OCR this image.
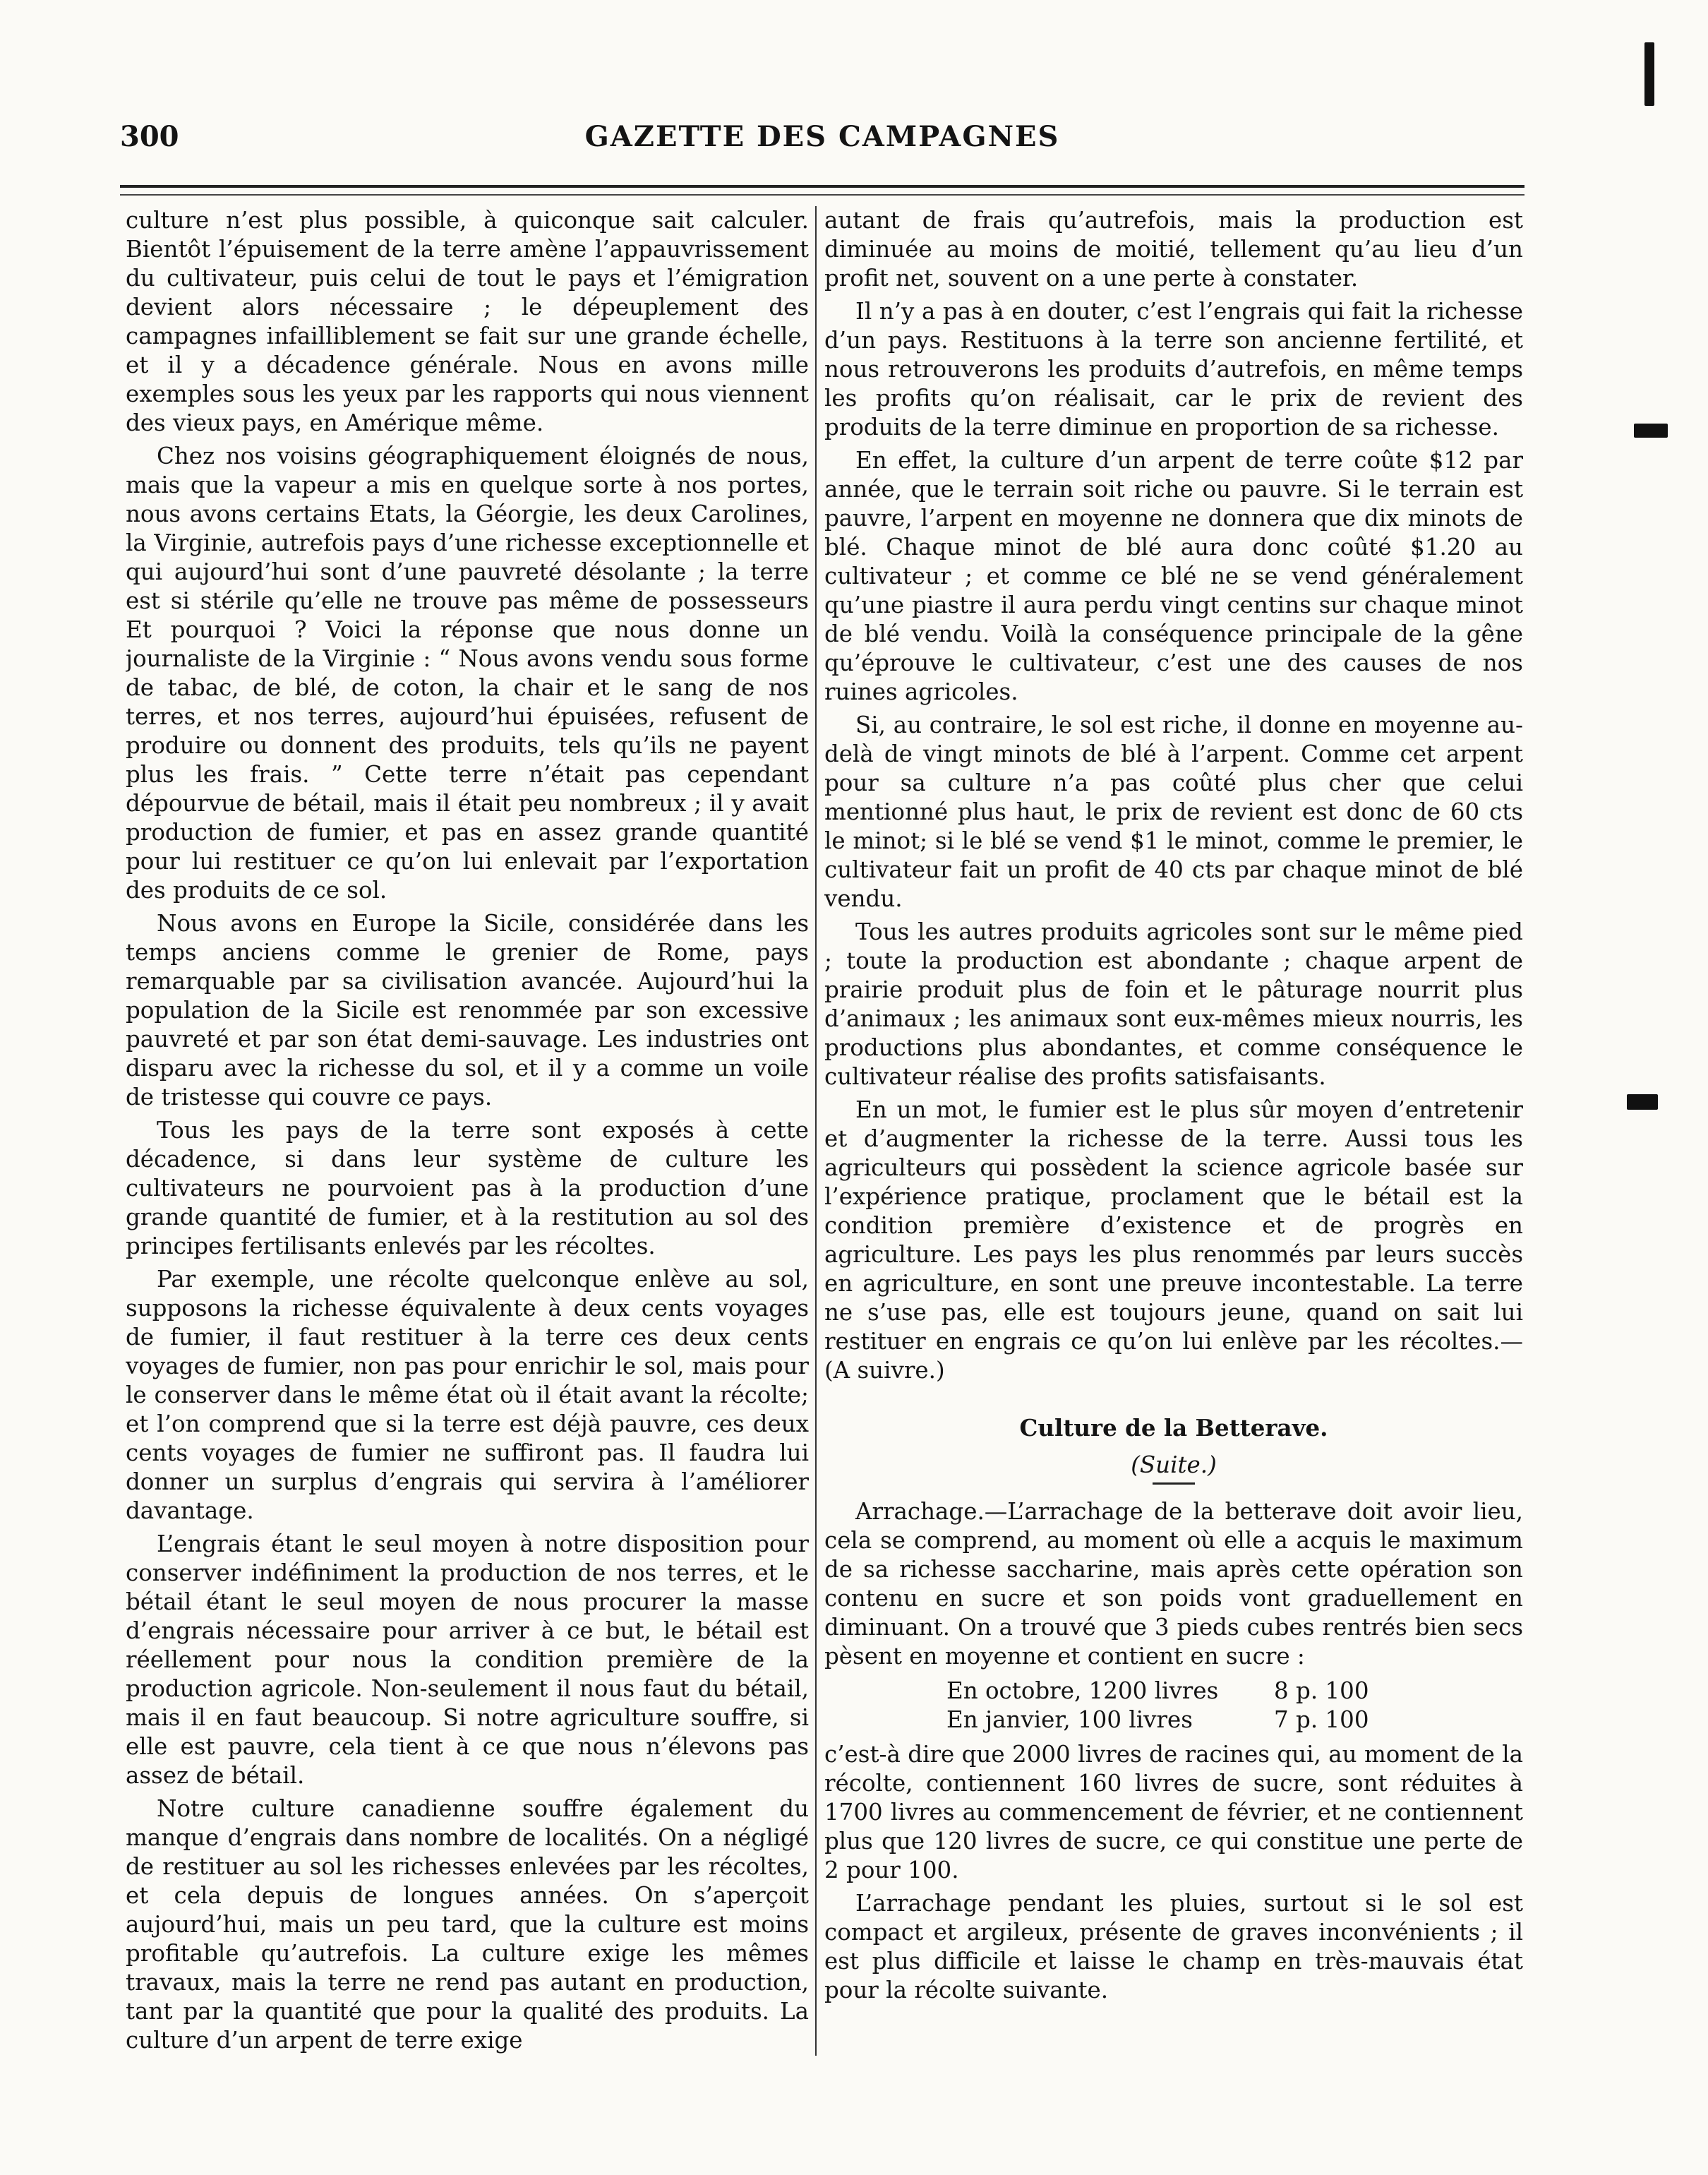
300	GAZETTE DES CAMPAGNES

culture n’est plus possible, à quiconque sait calculer. Bientôt l’épuisement de la terre amène l’appauvrissement du cultivateur, puis celui de tout le pays et l’émigration devient alors nécessaire ; le dépeuplement des campagnes infailliblement se fait sur une grande échelle, et il y a décadence générale. Nous en avons mille exemples sous les yeux par les rapports qui nous viennent des vieux pays, en Amérique même.

Chez nos voisins géographiquement éloignés de nous, mais que la vapeur a mis en quelque sorte à nos portes, nous avons certains Etats, la Géorgie, les deux Carolines, la Virginie, autrefois pays d’une richesse exceptionnelle et qui aujourd’hui sont d’une pauvreté désolante ; la terre est si stérile qu’elle ne trouve pas même de possesseurs Et pourquoi ? Voici la réponse que nous donne un journaliste de la Virginie : “ Nous avons vendu sous forme de tabac, de blé, de coton, la chair et le sang de nos terres, et nos terres, aujourd’hui épuisées, refusent de produire ou donnent des produits, tels qu’ils ne payent plus les frais. ” Cette terre n’était pas cependant dépourvue de bétail, mais il était peu nombreux ; il y avait production de fumier, et pas en assez grande quantité pour lui restituer ce qu’on lui enlevait par l’exportation des produits de ce sol.

Nous avons en Europe la Sicile, considérée dans les temps anciens comme le grenier de Rome, pays remarquable par sa civilisation avancée. Aujourd’hui la population de la Sicile est renommée par son excessive pauvreté et par son état demi-sauvage. Les industries ont disparu avec la richesse du sol, et il y a comme un voile de tristesse qui couvre ce pays.

Tous les pays de la terre sont exposés à cette décadence, si dans leur système de culture les cultivateurs ne pourvoient pas à la production d’une grande quantité de fumier, et à la restitution au sol des principes fertilisants enlevés par les récoltes.

Par exemple, une récolte quelconque enlève au sol, supposons la richesse équivalente à deux cents voyages de fumier, il faut restituer à la terre ces deux cents voyages de fumier, non pas pour enrichir le sol, mais pour le conserver dans le même état où il était avant la récolte; et l’on comprend que si la terre est déjà pauvre, ces deux cents voyages de fumier ne suffiront pas. Il faudra lui donner un surplus d’engrais qui servira à l’améliorer davantage.

L’engrais étant le seul moyen à notre disposition pour conserver indéfiniment la production de nos terres, et le bétail étant le seul moyen de nous procurer la masse d’engrais nécessaire pour arriver à ce but, le bétail est réellement pour nous la condition première de la production agricole. Non-seulement il nous faut du bétail, mais il en faut beaucoup. Si notre agriculture souffre, si elle est pauvre, cela tient à ce que nous n’élevons pas assez de bétail.

Notre culture canadienne souffre également du manque d’engrais dans nombre de localités. On a négligé de restituer au sol les richesses enlevées par les récoltes, et cela depuis de longues années. On s’aperçoit aujourd’hui, mais un peu tard, que la culture est moins profitable qu’autrefois. La culture exige les mêmes travaux, mais la terre ne rend pas autant en production, tant par la quantité que pour la qualité des produits. La culture d’un arpent de terre exige

autant de frais qu’autrefois, mais la production est diminuée au moins de moitié, tellement qu’au lieu d’un profit net, souvent on a une perte à constater.

Il n’y a pas à en douter, c’est l’engrais qui fait la richesse d’un pays. Restituons à la terre son ancienne fertilité, et nous retrouverons les produits d’autrefois, en même temps les profits qu’on réalisait, car le prix de revient des produits de la terre diminue en proportion de sa richesse.

En effet, la culture d’un arpent de terre coûte $12 par année, que le terrain soit riche ou pauvre. Si le terrain est pauvre, l’arpent en moyenne ne donnera que dix minots de blé. Chaque minot de blé aura donc coûté $1.20 au cultivateur ; et comme ce blé ne se vend généralement qu’une piastre il aura perdu vingt centins sur chaque minot de blé vendu. Voilà la conséquence principale de la gêne qu’éprouve le cultivateur, c’est une des causes de nos ruines agricoles.

Si, au contraire, le sol est riche, il donne en moyenne au-delà de vingt minots de blé à l’arpent. Comme cet arpent pour sa culture n’a pas coûté plus cher que celui mentionné plus haut, le prix de revient est donc de 60 cts le minot; si le blé se vend $1 le minot, comme le premier, le cultivateur fait un profit de 40 cts par chaque minot de blé vendu.

Tous les autres produits agricoles sont sur le même pied ; toute la production est abondante ; chaque arpent de prairie produit plus de foin et le pâturage nourrit plus d’animaux ; les animaux sont eux-mêmes mieux nourris, les productions plus abondantes, et comme conséquence le cultivateur réalise des profits satisfaisants.

En un mot, le fumier est le plus sûr moyen d’entretenir et d’augmenter la richesse de la terre. Aussi tous les agriculteurs qui possèdent la science agricole basée sur l’expérience pratique, proclament que le bétail est la condition première d’existence et de progrès en agriculture. Les pays les plus renommés par leurs succès en agriculture, en sont une preuve incontestable. La terre ne s’use pas, elle est toujours jeune, quand on sait lui restituer en engrais ce qu’on lui enlève par les récoltes.—(A suivre.)

Culture de la Betterave.

(Suite.)

Arrachage.—L’arrachage de la betterave doit avoir lieu, cela se comprend, au moment où elle a acquis le maximum de sa richesse saccharine, mais après cette opération son contenu en sucre et son poids vont graduellement en diminuant. On a trouvé que 3 pieds cubes rentrés bien secs pèsent en moyenne et contient en sucre :

En octobre, 1200 livres	8 p. 100
En janvier, 100 livres	7 p. 100

c’est-à dire que 2000 livres de racines qui, au moment de la récolte, contiennent 160 livres de sucre, sont réduites à 1700 livres au commencement de février, et ne contiennent plus que 120 livres de sucre, ce qui constitue une perte de 2 pour 100.

L’arrachage pendant les pluies, surtout si le sol est compact et argileux, présente de graves inconvénients ; il est plus difficile et laisse le champ en très-mauvais état pour la récolte suivante.
